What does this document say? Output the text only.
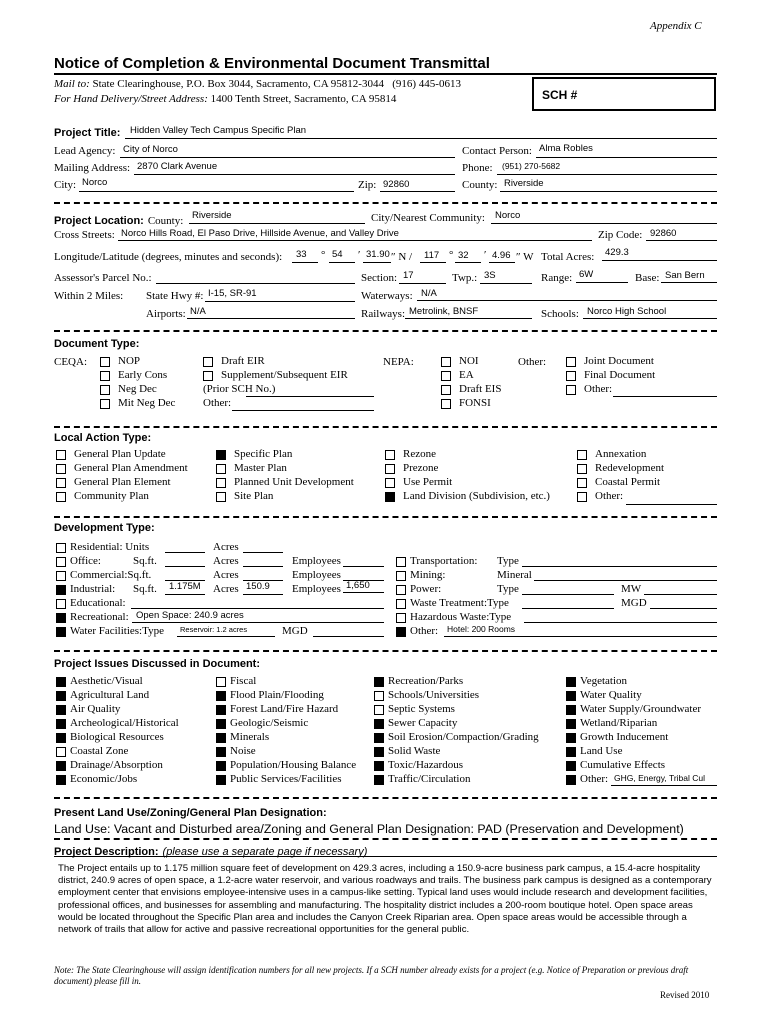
Appendix C
Notice of Completion & Environmental Document Transmittal
Mail to: State Clearinghouse, P.O. Box 3044, Sacramento, CA 95812-3044 (916) 445-0613
For Hand Delivery/Street Address: 1400 Tenth Street, Sacramento, CA 95814	SCH #
Project Title: Hidden Valley Tech Campus Specific Plan
Lead Agency: City of Norco	Contact Person: Alma Robles
Mailing Address: 2870 Clark Avenue	Phone: (951) 270-5682
City: Norco	Zip: 92860	County: Riverside
Project Location: County: Riverside	City/Nearest Community: Norco
Cross Streets: Norco Hills Road, El Paso Drive, Hillside Avenue, and Valley Drive	Zip Code: 92860
Longitude/Latitude (degrees, minutes and seconds): 33 ° 54 ′ 31.90 ″ N / 117 ° 32 ′ 4.96 ″ W Total Acres: 429.3
Assessor's Parcel No.:	Section: 17	Twp.: 3S	Range: 6W	Base: San Bern
Within 2 Miles: State Hwy #: I-15, SR-91	Waterways: N/A
Airports: N/A	Railways: Metrolink, BNSF	Schools: Norco High School
Document Type:
CEQA:	NEPA:	Other:
NOP
Early Cons
Neg Dec
Mit Neg Dec
Draft EIR
Supplement/Subsequent EIR
(Prior SCH No.)
Other:
NOI
EA
Draft EIS
FONSI
Joint Document
Final Document
Other:
Local Action Type:
General Plan Update
General Plan Amendment
General Plan Element
Community Plan
Specific Plan
Master Plan
Planned Unit Development
Site Plan
Rezone
Prezone
Use Permit
Land Division (Subdivision, etc.)
Annexation
Redevelopment
Coastal Permit
Other:
Development Type:
Residential: Units	Acres
Office:	Sq.ft.	Acres	Employees
Commercial:Sq.ft.	Acres	Employees
Industrial: Sq.ft. 1.175M Acres 150.9 Employees 1,650
Educational:
Recreational: Open Space: 240.9 acres
Water Facilities:Type Reservoir: 1.2 acres	MGD
Transportation: Type
Mining:	Mineral
Power:	Type	MW
Waste Treatment:Type	MGD
Hazardous Waste:Type
Other: Hotel: 200 Rooms
Project Issues Discussed in Document:
Aesthetic/Visual
Agricultural Land
Air Quality
Archeological/Historical
Biological Resources
Coastal Zone
Drainage/Absorption
Economic/Jobs
Fiscal
Flood Plain/Flooding
Forest Land/Fire Hazard
Geologic/Seismic
Minerals
Noise
Population/Housing Balance
Public Services/Facilities
Recreation/Parks
Schools/Universities
Septic Systems
Sewer Capacity
Soil Erosion/Compaction/Grading
Solid Waste
Toxic/Hazardous
Traffic/Circulation
Vegetation
Water Quality
Water Supply/Groundwater
Wetland/Riparian
Growth Inducement
Land Use
Cumulative Effects
Other: GHG, Energy, Tribal Cul
Present Land Use/Zoning/General Plan Designation:
Land Use: Vacant and Disturbed area/Zoning and General Plan Designation: PAD (Preservation and Development)
Project Description: (please use a separate page if necessary)
The Project entails up to 1.175 million square feet of development on 429.3 acres, including a 150.9-acre business park campus, a 15.4-acre hospitality district, 240.9 acres of open space, a 1.2-acre water reservoir, and various roadways and trails. The business park campus is designed as a contemporary employment center that envisions employee-intensive uses in a campus-like setting. Typical land uses would include research and development facilities, professional offices, and businesses for assembling and manufacturing. The hospitality district includes a 200-room boutique hotel. Open space areas would be located throughout the Specific Plan area and includes the Canyon Creek Riparian area. Open space areas would be accessible through a network of trails that allow for active and passive recreational opportunities for the general public.
Note: The State Clearinghouse will assign identification numbers for all new projects. If a SCH number already exists for a project (e.g. Notice of Preparation or previous draft document) please fill in.
Revised 2010
